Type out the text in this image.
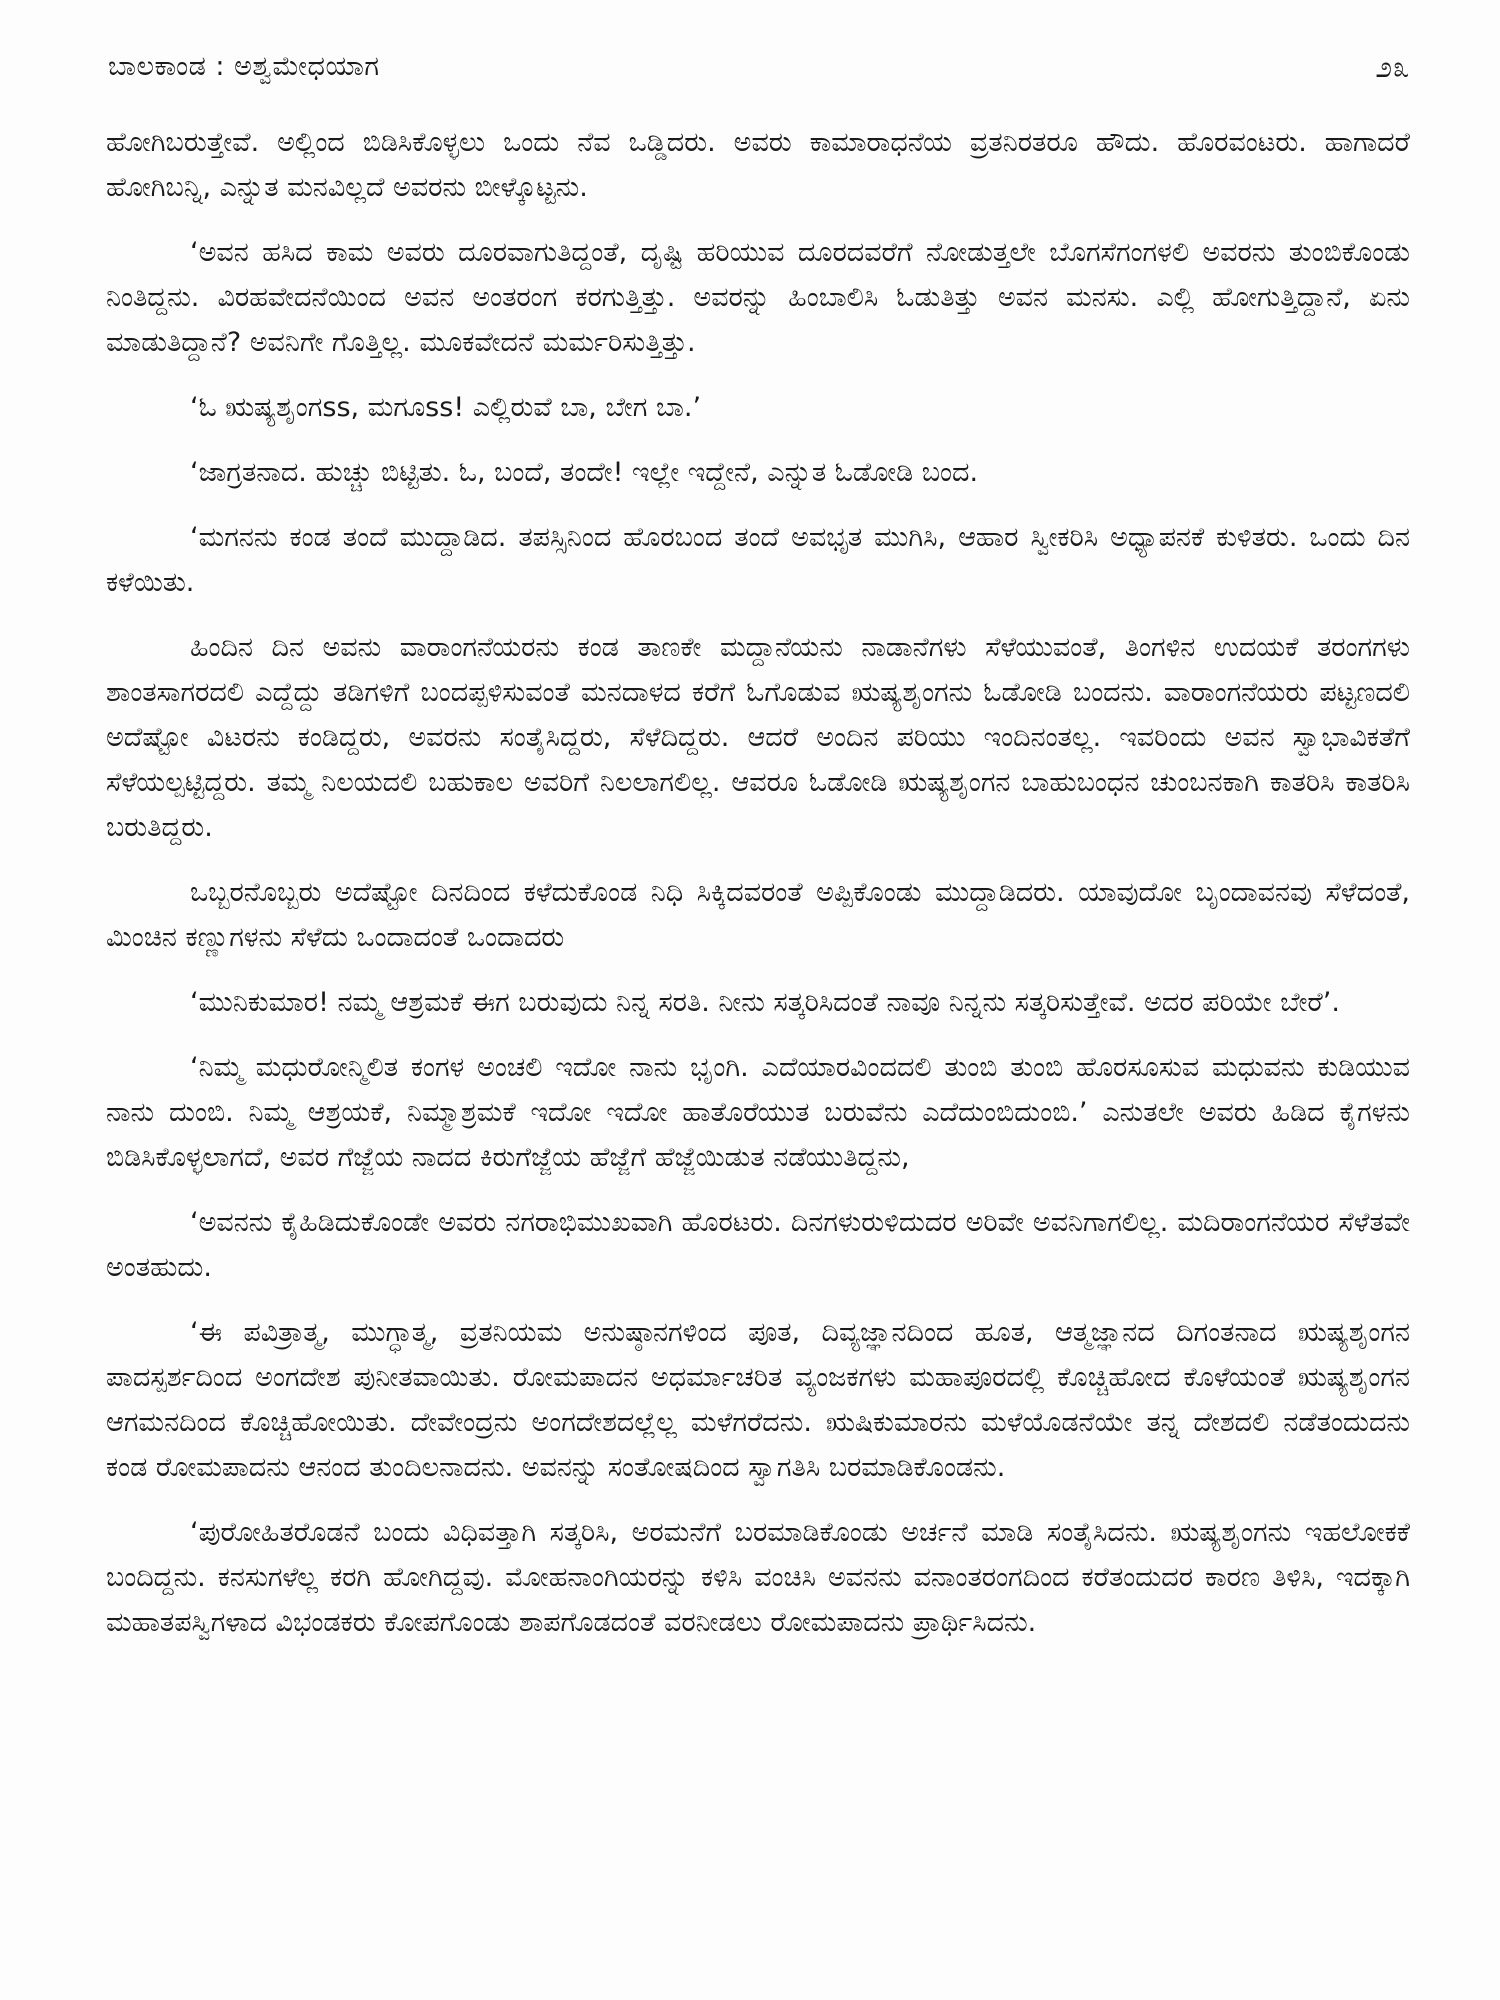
ಬಾಲಕಾಂಡ : ಅಶ್ವಮೇಧಯಾಗ	೨೩

ಹೋಗಿಬರುತ್ತೇವೆ. ಅಲ್ಲಿಂದ ಬಿಡಿಸಿಕೊಳ್ಳಲು ಒಂದು ನೆವ ಒಡ್ಡಿದರು. ಅವರು ಕಾಮಾರಾಧನೆಯ ವ್ರತನಿರತರೂ ಹೌದು. ಹೊರವಂಟರು. ಹಾಗಾದರೆ ಹೋಗಿಬನ್ನಿ, ಎನ್ನುತ ಮನವಿಲ್ಲದೆ ಅವರನು ಬೀಳ್ಕೊಟ್ಟನು.

‘ಅವನ ಹಸಿದ ಕಾಮ ಅವರು ದೂರವಾಗುತಿದ್ದಂತೆ, ದೃಷ್ಟಿ ಹರಿಯುವ ದೂರದವರೆಗೆ ನೋಡುತ್ತಲೇ ಬೊಗಸೆಗಂಗಳಲಿ ಅವರನು ತುಂಬಿಕೊಂಡು ನಿಂತಿದ್ದನು. ವಿರಹವೇದನೆಯಿಂದ ಅವನ ಅಂತರಂಗ ಕರಗುತ್ತಿತ್ತು. ಅವರನ್ನು ಹಿಂಬಾಲಿಸಿ ಓಡುತಿತ್ತು ಅವನ ಮನಸು. ಎಲ್ಲಿ ಹೋಗುತ್ತಿದ್ದಾನೆ, ಏನು ಮಾಡುತಿದ್ದಾನೆ? ಅವನಿಗೇ ಗೊತ್ತಿಲ್ಲ. ಮೂಕವೇದನೆ ಮರ್ಮರಿಸುತ್ತಿತ್ತು.

‘ಓ ಋಷ್ಯಶೃಂಗss, ಮಗೂss! ಎಲ್ಲಿರುವೆ ಬಾ, ಬೇಗ ಬಾ.’

‘ಜಾಗ್ರತನಾದ. ಹುಚ್ಚು ಬಿಟ್ಟಿತು. ಓ, ಬಂದೆ, ತಂದೇ! ಇಲ್ಲೇ ಇದ್ದೇನೆ, ಎನ್ನುತ ಓಡೋಡಿ ಬಂದ.

‘ಮಗನನು ಕಂಡ ತಂದೆ ಮುದ್ದಾಡಿದ. ತಪಸ್ಸಿನಿಂದ ಹೊರಬಂದ ತಂದೆ ಅವಭೃತ ಮುಗಿಸಿ, ಆಹಾರ ಸ್ವೀಕರಿಸಿ ಅಧ್ಯಾಪನಕೆ ಕುಳಿತರು. ಒಂದು ದಿನ ಕಳೆಯಿತು.

ಹಿಂದಿನ ದಿನ ಅವನು ವಾರಾಂಗನೆಯರನು ಕಂಡ ತಾಣಕೇ ಮದ್ದಾನೆಯನು ನಾಡಾನೆಗಳು ಸೆಳೆಯುವಂತೆ, ತಿಂಗಳಿನ ಉದಯಕೆ ತರಂಗಗಳು ಶಾಂತಸಾಗರದಲಿ ಎದ್ದೆದ್ದು ತಡಿಗಳಿಗೆ ಬಂದಪ್ಪಳಿಸುವಂತೆ ಮನದಾಳದ ಕರೆಗೆ ಓಗೊಡುವ ಋಷ್ಯಶೃಂಗನು ಓಡೋಡಿ ಬಂದನು. ವಾರಾಂಗನೆಯರು ಪಟ್ಟಣದಲಿ ಅದೆಷ್ಟೋ ವಿಟರನು ಕಂಡಿದ್ದರು, ಅವರನು ಸಂತೈಸಿದ್ದರು, ಸೆಳೆದಿದ್ದರು. ಆದರೆ ಅಂದಿನ ಪರಿಯು ಇಂದಿನಂತಲ್ಲ. ಇವರಿಂದು ಅವನ ಸ್ವಾಭಾವಿಕತೆಗೆ ಸೆಳೆಯಲ್ಪಟ್ಟಿದ್ದರು. ತಮ್ಮ ನಿಲಯದಲಿ ಬಹುಕಾಲ ಅವರಿಗೆ ನಿಲಲಾಗಲಿಲ್ಲ. ಆವರೂ ಓಡೋಡಿ ಋಷ್ಯಶೃಂಗನ ಬಾಹುಬಂಧನ ಚುಂಬನಕಾಗಿ ಕಾತರಿಸಿ ಕಾತರಿಸಿ ಬರುತಿದ್ದರು.

ಒಬ್ಬರನೊಬ್ಬರು ಅದೆಷ್ಟೋ ದಿನದಿಂದ ಕಳೆದುಕೊಂಡ ನಿಧಿ ಸಿಕ್ಕಿದವರಂತೆ ಅಪ್ಪಿಕೊಂಡು ಮುದ್ದಾಡಿದರು. ಯಾವುದೋ ಬೃಂದಾವನವು ಸೆಳೆದಂತೆ, ಮಿಂಚಿನ ಕಣ್ಣುಗಳನು ಸೆಳೆದು ಒಂದಾದಂತೆ ಒಂದಾದರು

‘ಮುನಿಕುಮಾರ! ನಮ್ಮ ಆಶ್ರಮಕೆ ಈಗ ಬರುವುದು ನಿನ್ನ ಸರತಿ. ನೀನು ಸತ್ಕರಿಸಿದಂತೆ ನಾವೂ ನಿನ್ನನು ಸತ್ಕರಿಸುತ್ತೇವೆ. ಅದರ ಪರಿಯೇ ಬೇರೆ’.

‘ನಿಮ್ಮ ಮಧುರೋನ್ಮಿಲಿತ ಕಂಗಳ ಅಂಚಲಿ ಇದೋ ನಾನು ಭೃಂಗಿ. ಎದೆಯಾರವಿಂದದಲಿ ತುಂಬಿ ತುಂಬಿ ಹೊರಸೂಸುವ ಮಧುವನು ಕುಡಿಯುವ ನಾನು ದುಂಬಿ. ನಿಮ್ಮ ಆಶ್ರಯಕೆ, ನಿಮ್ಮಾಶ್ರಮಕೆ ಇದೋ ಇದೋ ಹಾತೊರೆಯುತ ಬರುವೆನು ಎದೆದುಂಬಿದುಂಬಿ.’ ಎನುತಲೇ ಅವರು ಹಿಡಿದ ಕೈಗಳನು ಬಿಡಿಸಿಕೊಳ್ಳಲಾಗದೆ, ಅವರ ಗೆಜ್ಜೆಯ ನಾದದ ಕಿರುಗೆಜ್ಜೆಯ ಹೆಜ್ಜೆಗೆ ಹೆಜ್ಜೆಯಿಡುತ ನಡೆಯುತಿದ್ದನು,

‘ಅವನನು ಕೈಹಿಡಿದುಕೊಂಡೇ ಅವರು ನಗರಾಭಿಮುಖವಾಗಿ ಹೊರಟರು. ದಿನಗಳುರುಳಿದುದರ ಅರಿವೇ ಅವನಿಗಾಗಲಿಲ್ಲ. ಮದಿರಾಂಗನೆಯರ ಸೆಳೆತವೇ ಅಂತಹುದು.

‘ಈ ಪವಿತ್ರಾತ್ಮ, ಮುಗ್ಧಾತ್ಮ, ವ್ರತನಿಯಮ ಅನುಷ್ಠಾನಗಳಿಂದ ಪೂತ, ದಿವ್ಯಜ್ಞಾನದಿಂದ ಹೂತ, ಆತ್ಮಜ್ಞಾನದ ದಿಗಂತನಾದ ಋಷ್ಯಶೃಂಗನ ಪಾದಸ್ಪರ್ಶದಿಂದ ಅಂಗದೇಶ ಪುನೀತವಾಯಿತು. ರೋಮಪಾದನ ಅಧರ್ಮಾಚರಿತ ವ್ಯಂಜಕಗಳು ಮಹಾಪೂರದಲ್ಲಿ ಕೊಚ್ಚಿಹೋದ ಕೊಳೆಯಂತೆ ಋಷ್ಯಶೃಂಗನ ಆಗಮನದಿಂದ ಕೊಚ್ಚಿಹೋಯಿತು. ದೇವೇಂದ್ರನು ಅಂಗದೇಶದಲ್ಲೆಲ್ಲ ಮಳೆಗರೆದನು. ಋಷಿಕುಮಾರನು ಮಳೆಯೊಡನೆಯೇ ತನ್ನ ದೇಶದಲಿ ನಡೆತಂದುದನು ಕಂಡ ರೋಮಪಾದನು ಆನಂದ ತುಂದಿಲನಾದನು. ಅವನನ್ನು ಸಂತೋಷದಿಂದ ಸ್ವಾಗತಿಸಿ ಬರಮಾಡಿಕೊಂಡನು.

‘ಪುರೋಹಿತರೊಡನೆ ಬಂದು ವಿಧಿವತ್ತಾಗಿ ಸತ್ಕರಿಸಿ, ಅರಮನೆಗೆ ಬರಮಾಡಿಕೊಂಡು ಅರ್ಚನೆ ಮಾಡಿ ಸಂತೈಸಿದನು. ಋಷ್ಯಶೃಂಗನು ಇಹಲೋಕಕೆ ಬಂದಿದ್ದನು. ಕನಸುಗಳೆಲ್ಲ ಕರಗಿ ಹೋಗಿದ್ದವು. ಮೋಹನಾಂಗಿಯರನ್ನು ಕಳಿಸಿ ವಂಚಿಸಿ ಅವನನು ವನಾಂತರಂಗದಿಂದ ಕರೆತಂದುದರ ಕಾರಣ ತಿಳಿಸಿ, ಇದಕ್ಕಾಗಿ ಮಹಾತಪಸ್ವಿಗಳಾದ ವಿಭಂಡಕರು ಕೋಪಗೊಂಡು ಶಾಪಗೊಡದಂತೆ ವರನೀಡಲು ರೋಮಪಾದನು ಪ್ರಾರ್ಥಿಸಿದನು.
